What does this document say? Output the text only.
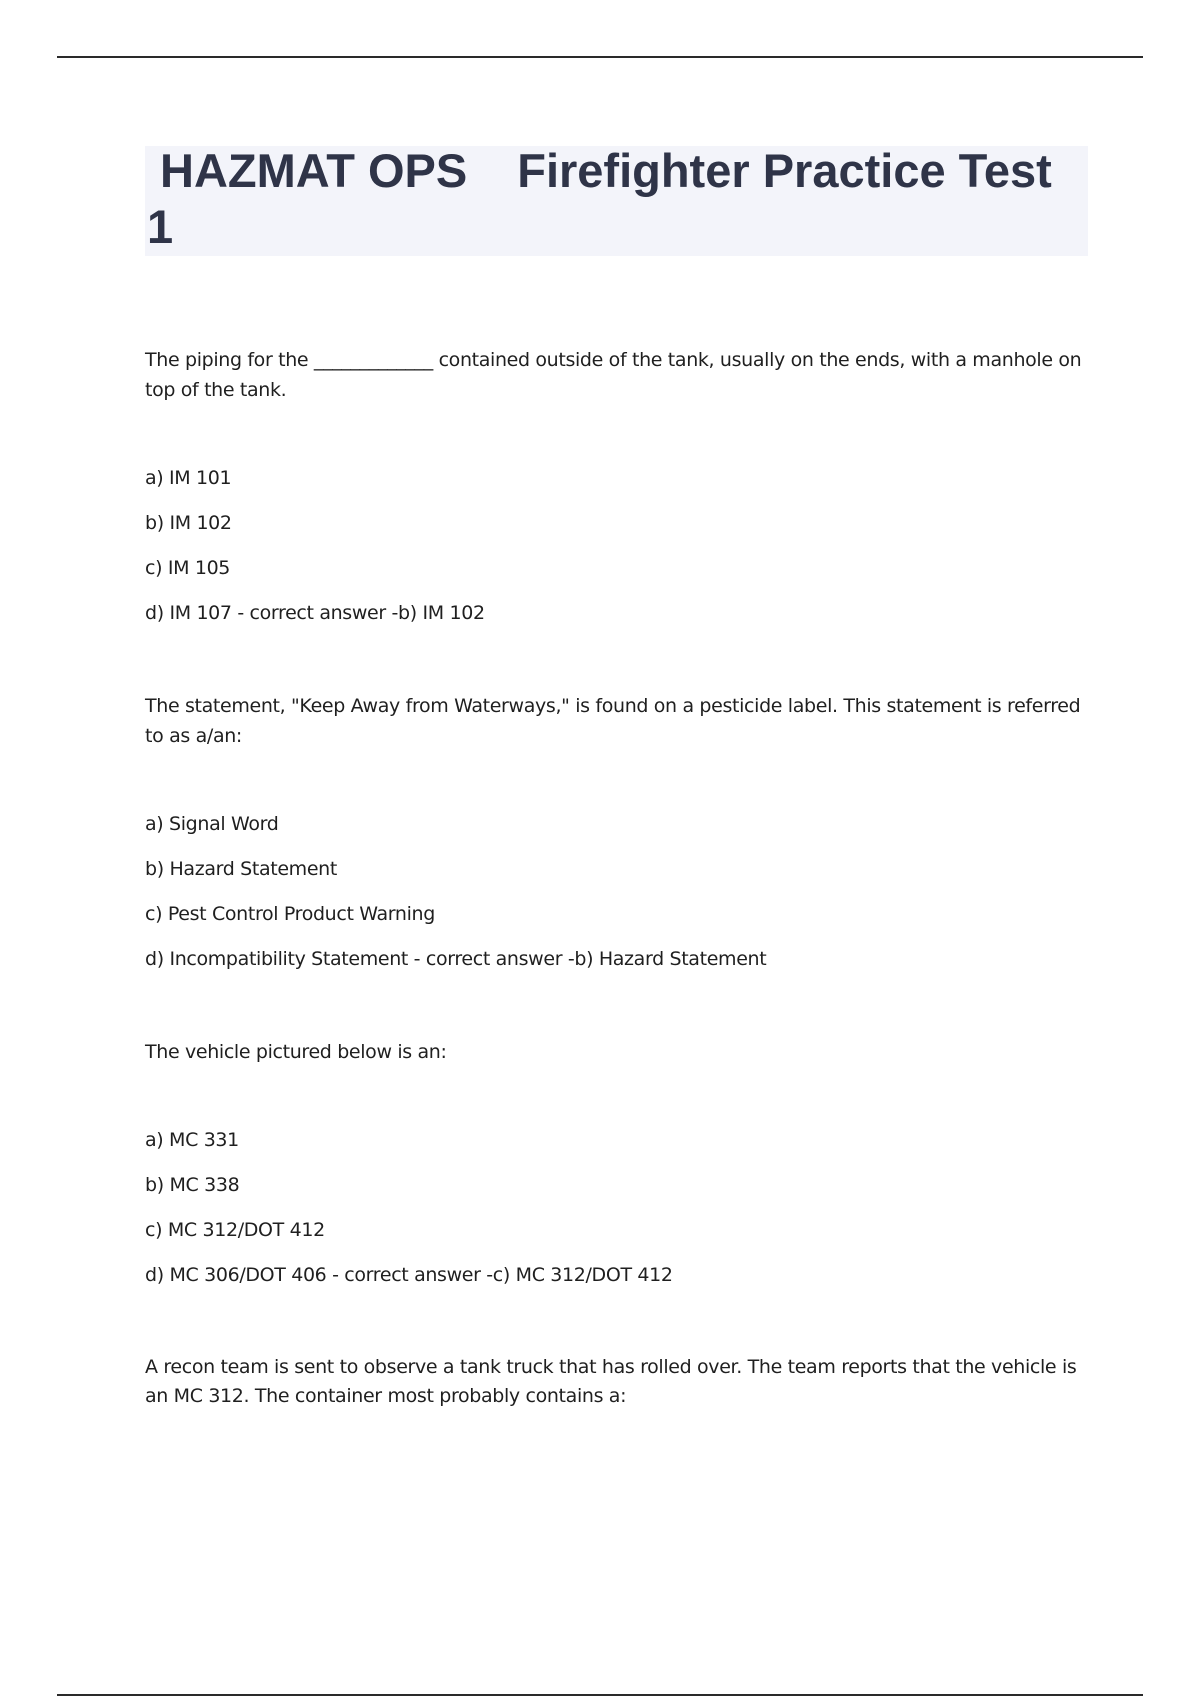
HAZMAT OPS Firefighter Practice Test
1

The piping for the _____________ contained outside of the tank, usually on the ends, with a manhole on top of the tank.

a) IM 101
b) IM 102
c) IM 105
d) IM 107 - correct answer -b) IM 102

The statement, "Keep Away from Waterways," is found on a pesticide label. This statement is referred to as a/an:

a) Signal Word
b) Hazard Statement
c) Pest Control Product Warning
d) Incompatibility Statement - correct answer -b) Hazard Statement

The vehicle pictured below is an:

a) MC 331
b) MC 338
c) MC 312/DOT 412
d) MC 306/DOT 406 - correct answer -c) MC 312/DOT 412

A recon team is sent to observe a tank truck that has rolled over. The team reports that the vehicle is an MC 312. The container most probably contains a:
